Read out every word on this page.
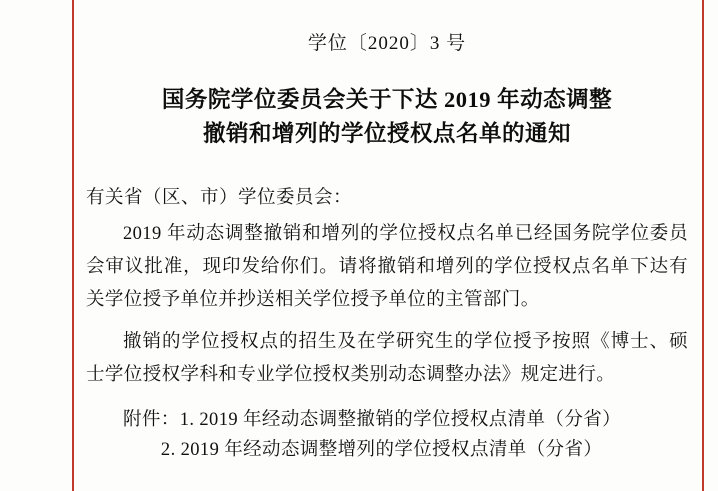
学位〔2020〕3 号
国务院学位委员会关于下达 2019 年动态调整
撤销和增列的学位授权点名单的通知
有关省（区、市）学位委员会：
2019 年动态调整撤销和增列的学位授权点名单已经国务院学位委员会审议批准，现印发给你们。请将撤销和增列的学位授权点名单下达有关学位授予单位并抄送相关学位授予单位的主管部门。
撤销的学位授权点的招生及在学研究生的学位授予按照《博士、硕士学位授权学科和专业学位授权类别动态调整办法》规定进行。
附件：1. 2019 年经动态调整撤销的学位授权点清单（分省）
2. 2019 年经动态调整增列的学位授权点清单（分省）
